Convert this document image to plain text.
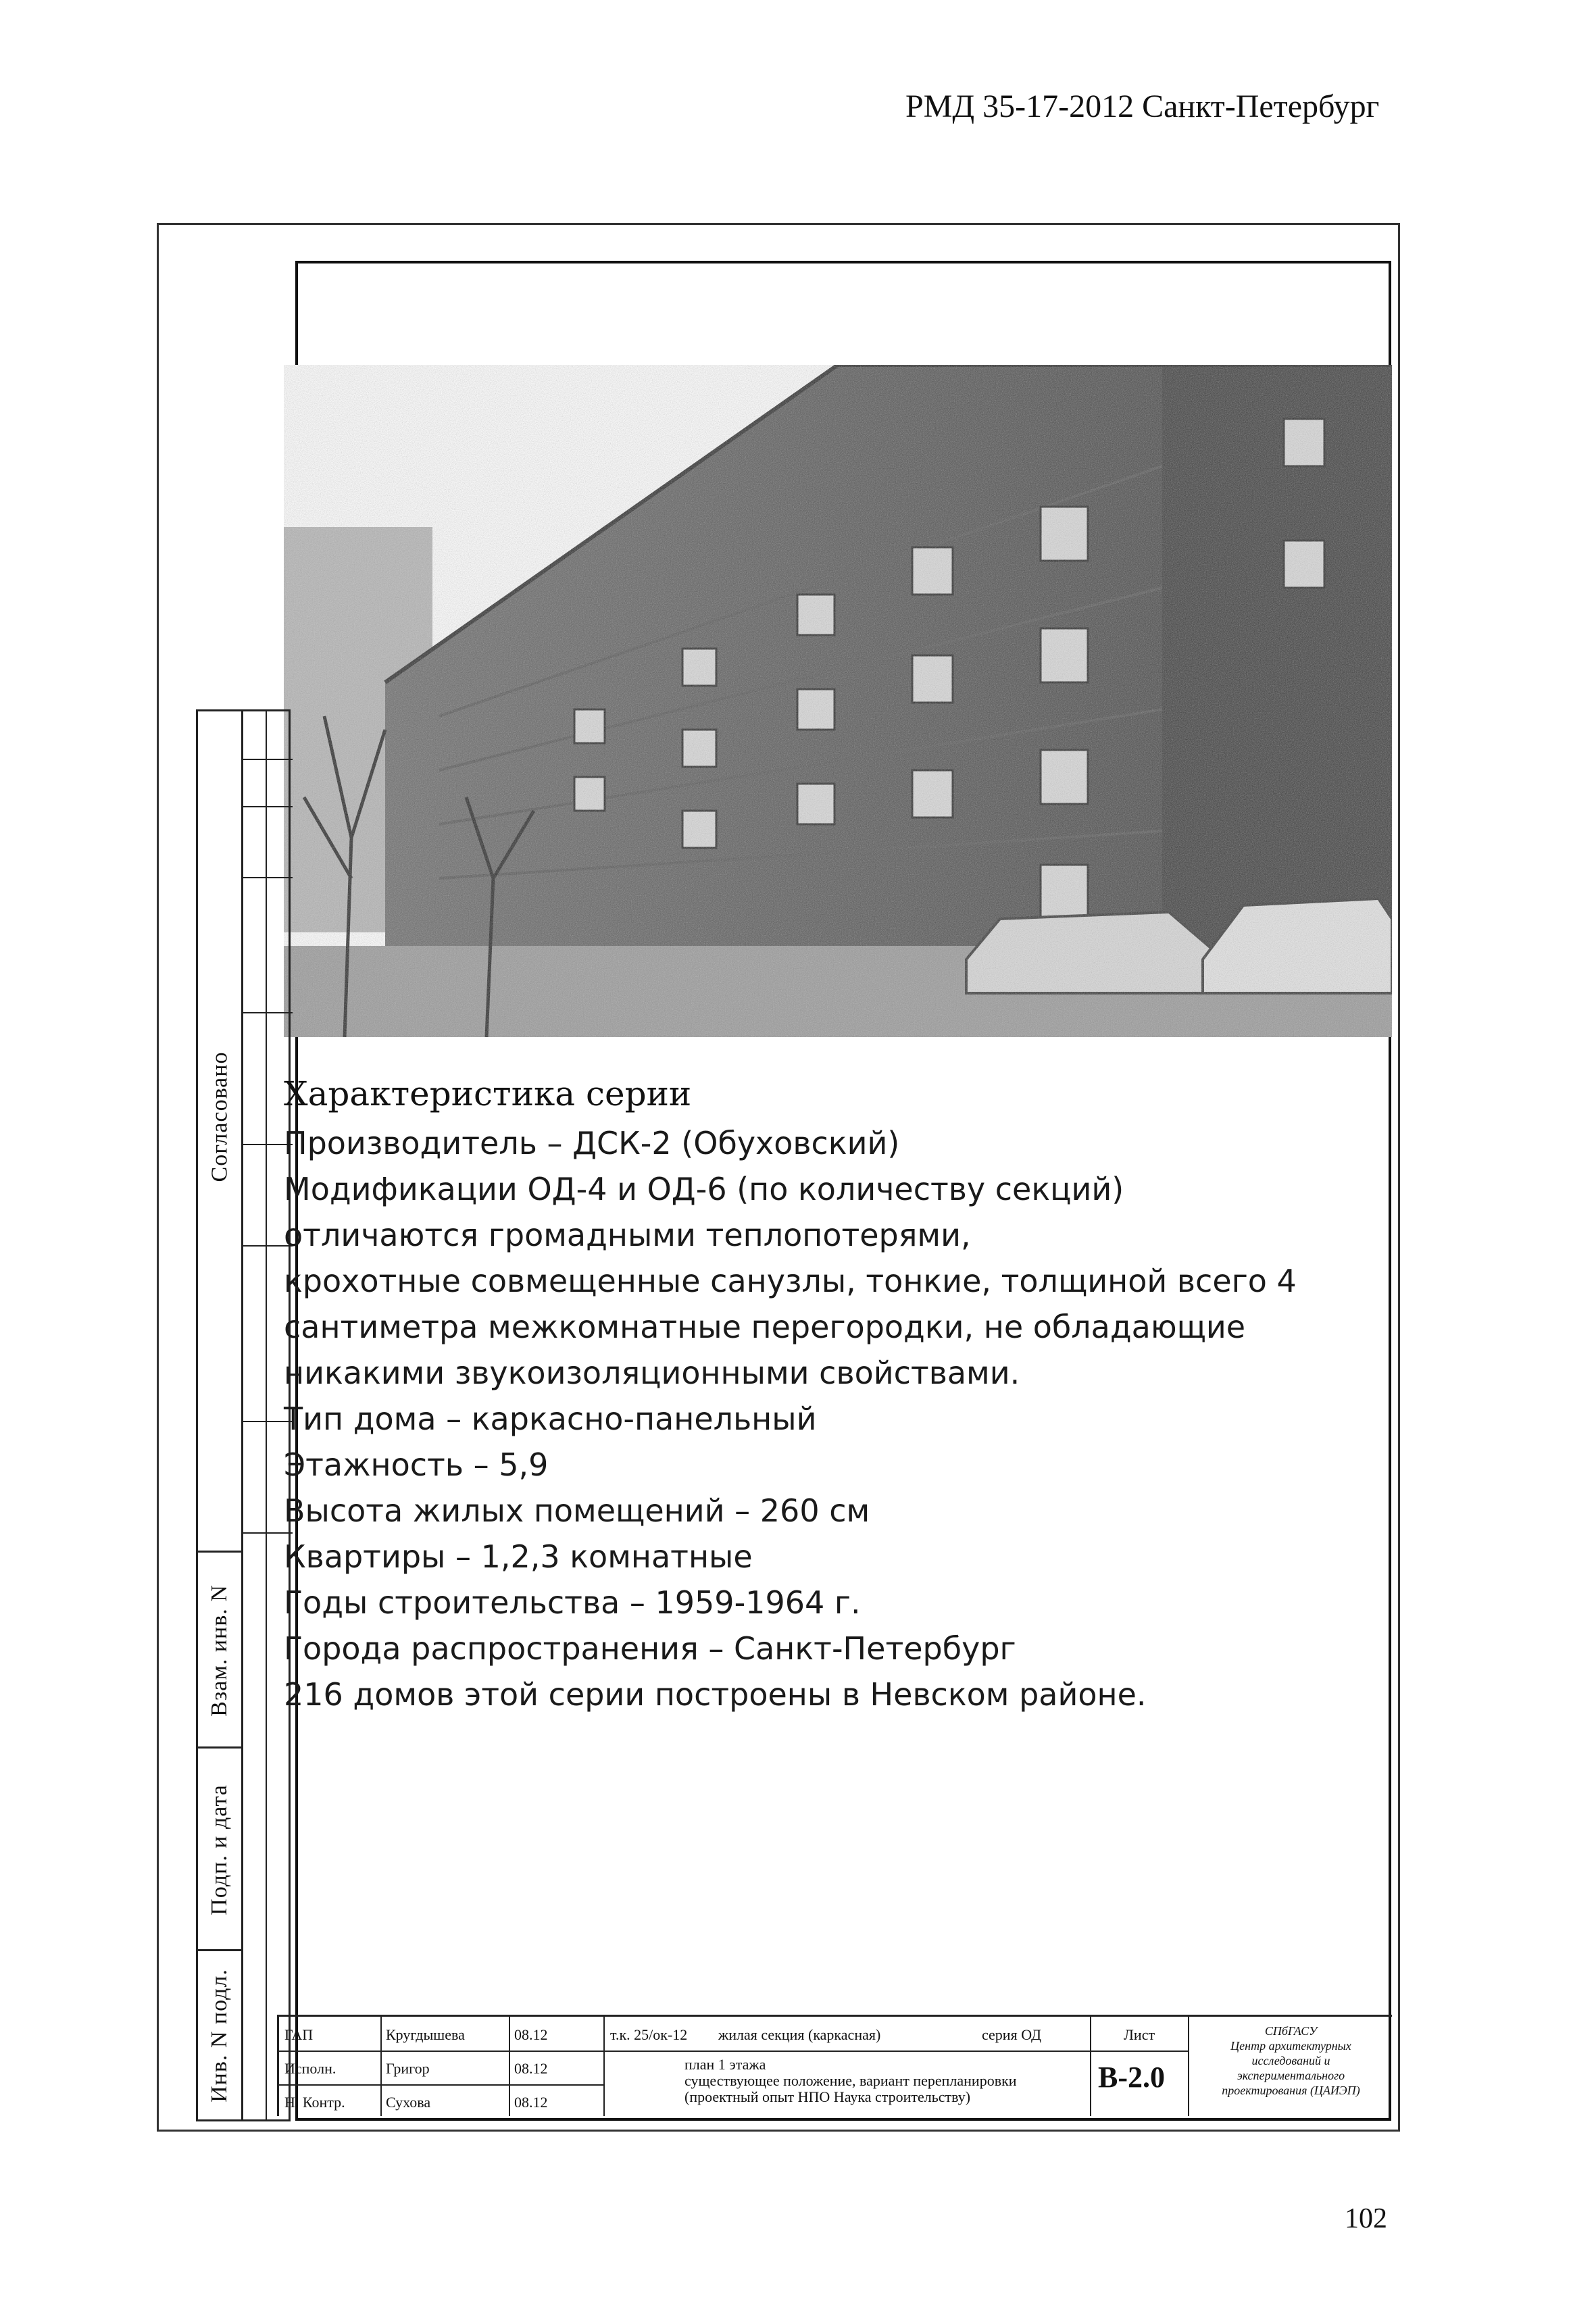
РМД 35-17-2012 Санкт-Петербург
Согласовано
Взам. инв. N
Подп. и дата
Инв. N подл.
Характеристика серии
Производитель – ДСК-2 (Обуховский)
Модификации ОД-4 и ОД-6 (по количеству секций)
отличаются громадными теплопотерями,
крохотные совмещенные санузлы, тонкие, толщиной всего 4
сантиметра межкомнатные перегородки, не обладающие
никакими звукоизоляционными свойствами.
Тип дома – каркасно-панельный
Этажность – 5,9
Высота жилых помещений – 260 см
Квартиры – 1,2,3 комнатные
Годы строительства – 1959-1964 г.
Города распространения – Санкт-Петербург
216 домов этой серии построены в Невском районе.
ГАП	Кругдышева	08.12
Исполн.	Григор	08.12
Н. Контр.	Сухова	08.12
т.к. 25/ок-12 жилая секция (каркасная)	серия ОД
план 1 этажа
существующее положение, вариант перепланировки
(проектный опыт НПО Наука строительству)
Лист
В-2.0
СПбГАСУ
Центр архитектурных
исследований и
экспериментального
проектирования (ЦАИЭП)
102
